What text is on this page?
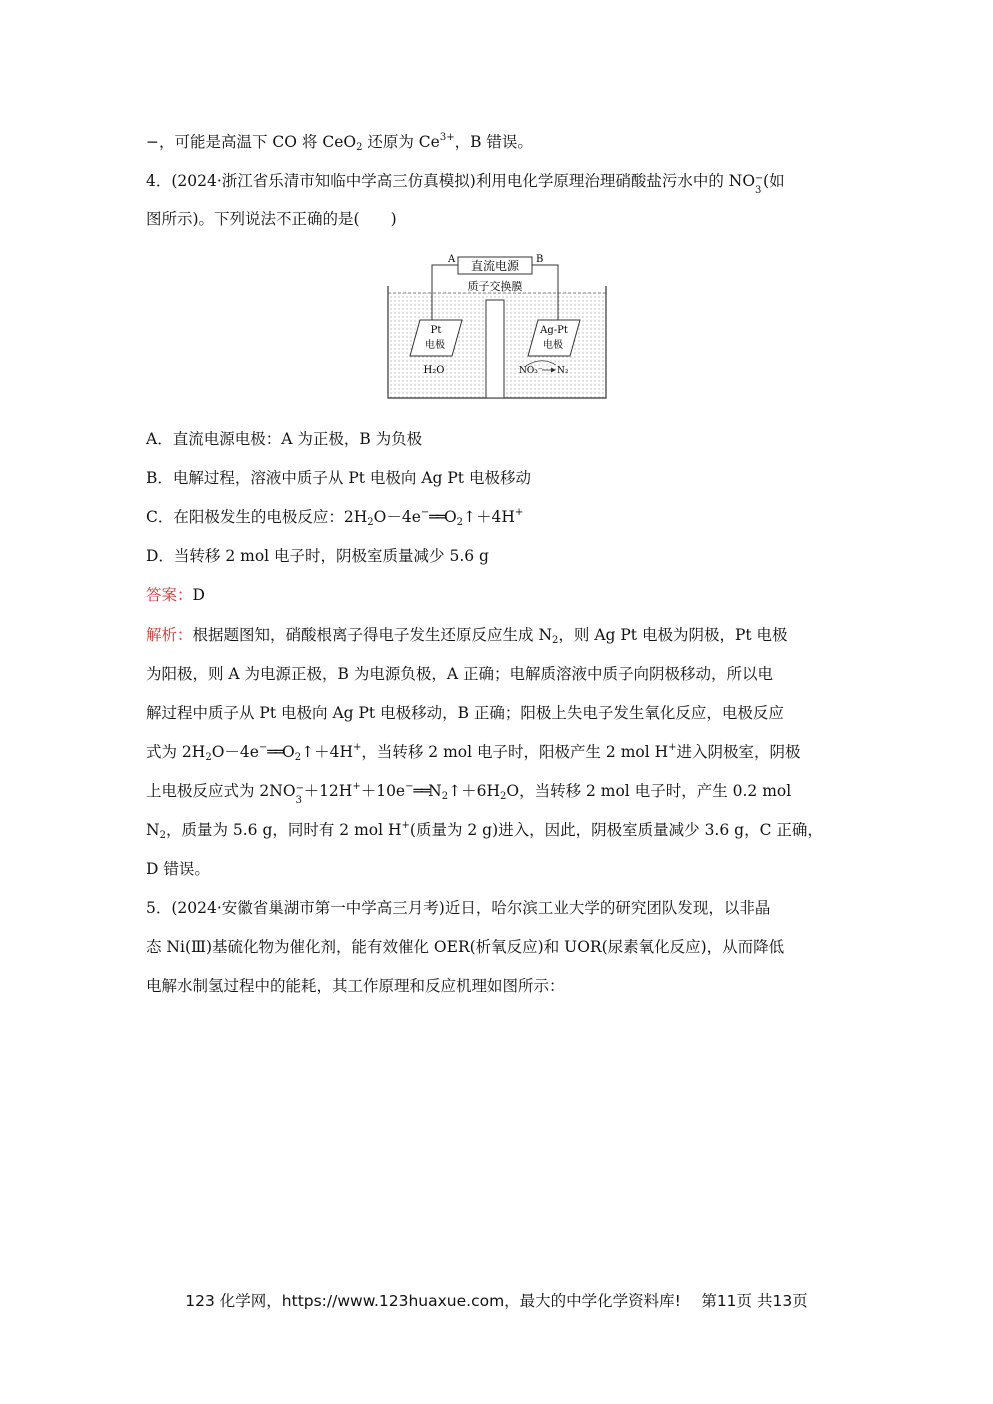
−，可能是高温下 CO 将 CeO$_2$ 还原为 $Ce^{3+}$，B 错误。
4．(2024·浙江省乐清市知临中学高三仿真模拟)利用电化学原理治理硝酸盐污水中的 NO −
3
(如
图所示)。下列说法不正确的是(　　)
直流电源
A	B
质子交换膜
Pt
电极
H₂O
Ag-Pt
电极
NO₃⁻ N₂
A．直流电源电极：A 为正极，B 为负极
B．电解过程，溶液中质子从 Pt 电极向 Ag Pt 电极移动
C．在阳极发生的电极反应：$2H_2O-4e^-══O_2↑+4H^+$
D．当转移 2 mol 电子时，阴极室质量减少 5.6 g
答案：D
解析：根据题图知，硝酸根离子得电子发生还原反应生成 $N_2$，则 Ag Pt 电极为阴极，Pt 电极
为阳极，则 A 为电源正极，B 为电源负极，A 正确；电解质溶液中质子向阴极移动，所以电
解过程中质子从 Pt 电极向 Ag Pt 电极移动，B 正确；阳极上失电子发生氧化反应，电极反应
式为 $2H_2O-4e^-══O_2↑+4H^+$，当转移 2 mol 电子时，阳极产生 2 mol H+进入阴极室，阴极
上电极反应式为 2NO −
3
$+12H^++10e^-══N_2↑+6H_2O$，当转移 2 mol 电子时，产生 0.2 mol
$N_2$，质量为 5.6 g，同时有 2 mol H+(质量为 2 g)进入，因此，阴极室质量减少 3.6 g，C 正确，
D 错误。
5．(2024·安徽省巢湖市第一中学高三月考)近日，哈尔滨工业大学的研究团队发现，以非晶
态 Ni(Ⅲ)基硫化物为催化剂，能有效催化 OER(析氧反应)和 UOR(尿素氧化反应)，从而降低
电解水制氢过程中的能耗，其工作原理和反应机理如图所示：
123 化学网，https://www.123huaxue.com，最大的中学化学资料库!　 第11页 共13页
